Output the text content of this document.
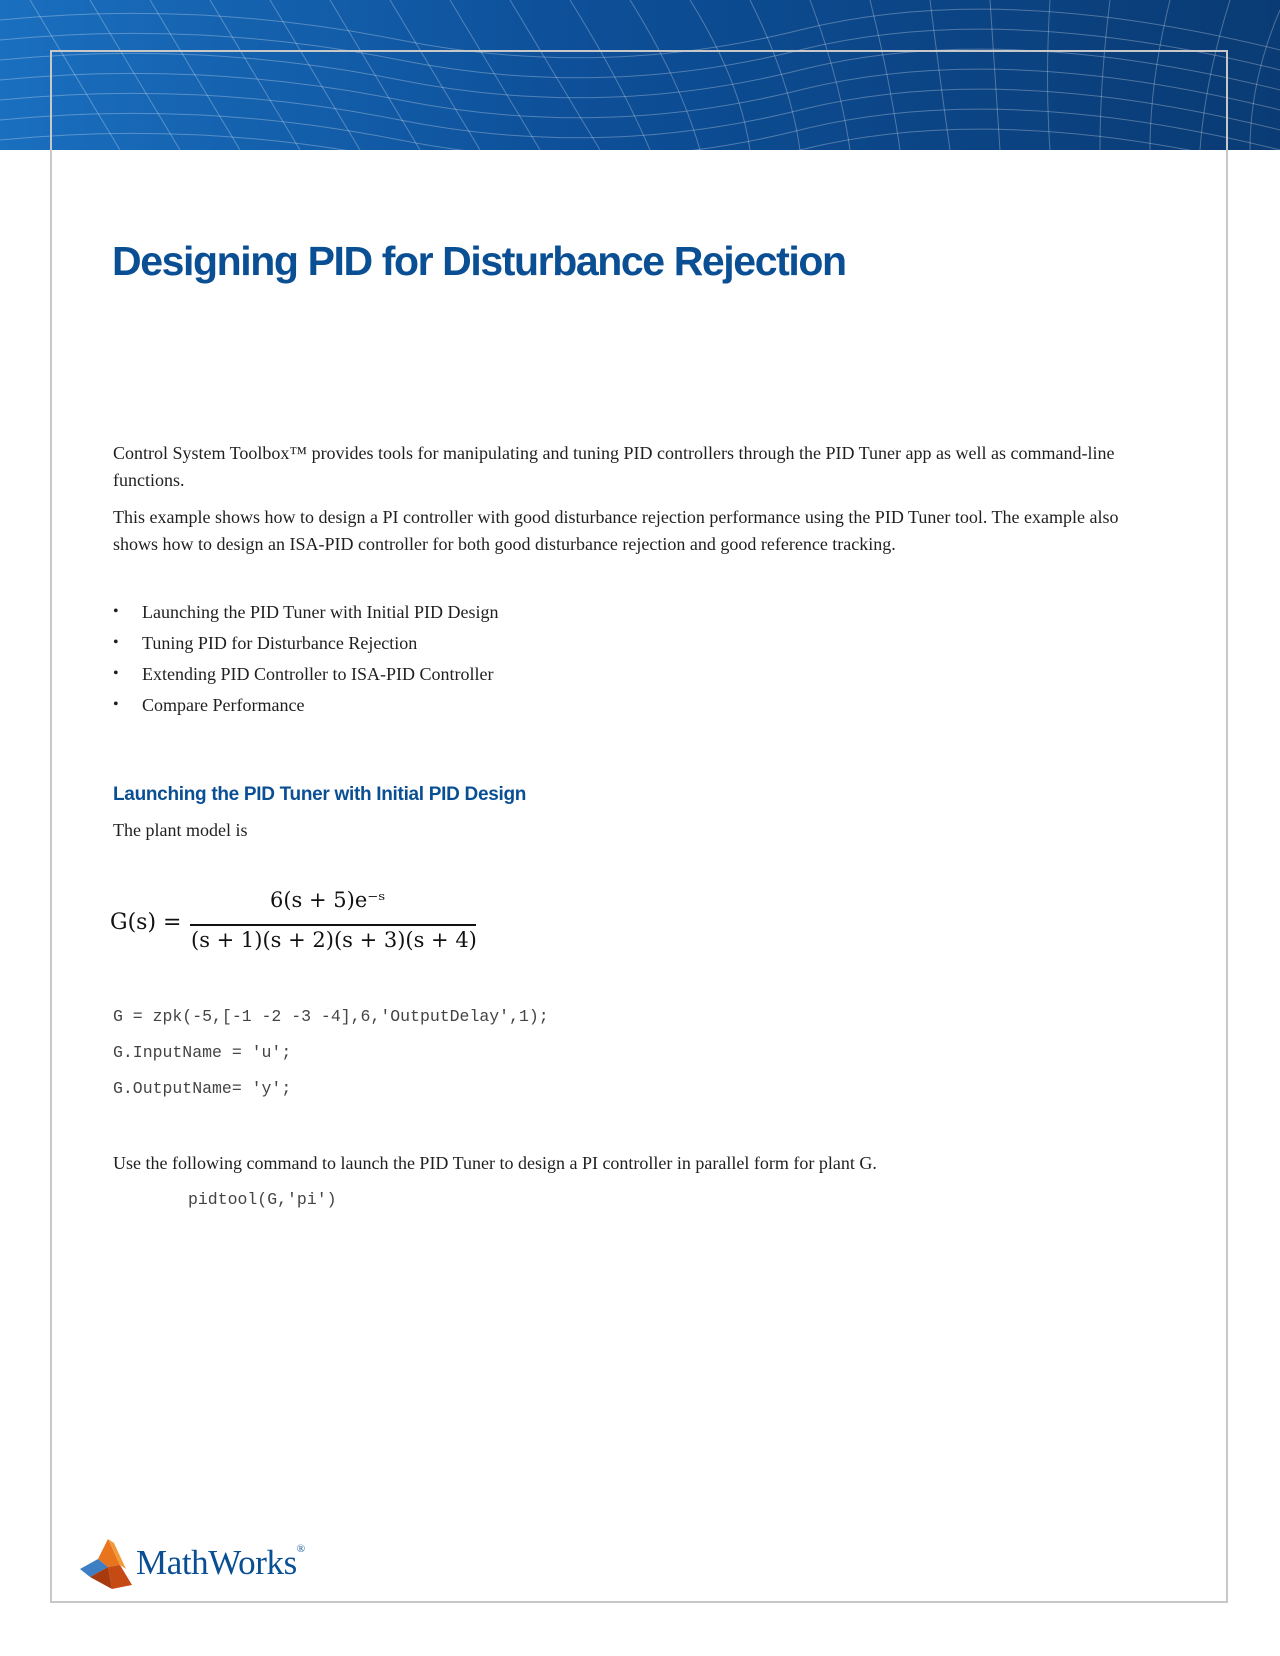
Designing PID for Disturbance Rejection

Control System Toolbox™ provides tools for manipulating and tuning PID controllers through the PID Tuner app as well as command-line functions.

This example shows how to design a PI controller with good disturbance rejection performance using the PID Tuner tool. The example also shows how to design an ISA-PID controller for both good disturbance rejection and good reference tracking.

• Launching the PID Tuner with Initial PID Design
• Tuning PID for Disturbance Rejection
• Extending PID Controller to ISA-PID Controller
• Compare Performance
Launching the PID Tuner with Initial PID Design

The plant model is

G(s) =
6(s + 5)e⁻ˢ
(s + 1)(s + 2)(s + 3)(s + 4)
G = zpk(-5,[-1 -2 -3 -4],6,'OutputDelay',1);
G.InputName = 'u';
G.OutputName= 'y';

Use the following command to launch the PID Tuner to design a PI controller in parallel form for plant G.

pidtool(G,'pi')
MathWorks®
